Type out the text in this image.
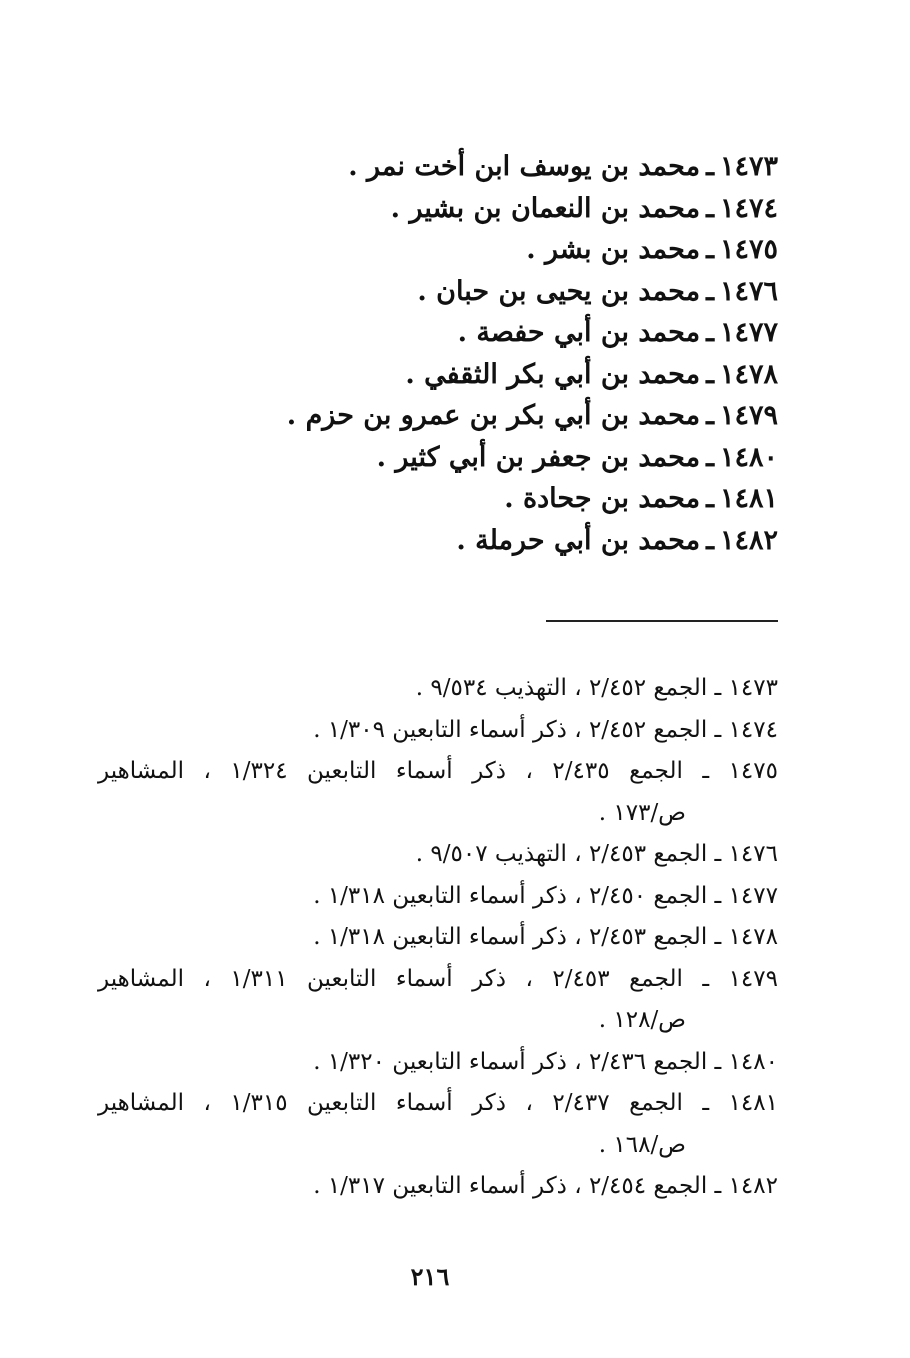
١٤٧٣ـمحمد بن يوسف ابن أخت نمر .
١٤٧٤ـمحمد بن النعمان بن بشير .
١٤٧٥ـمحمد بن بشر .
١٤٧٦ـمحمد بن يحيى بن حبان .
١٤٧٧ـمحمد بن أبي حفصة .
١٤٧٨ـمحمد بن أبي بكر الثقفي .
١٤٧٩ـمحمد بن أبي بكر بن عمرو بن حزم .
١٤٨٠ـمحمد بن جعفر بن أبي كثير .
١٤٨١ـمحمد بن جحادة .
١٤٨٢ـمحمد بن أبي حرملة .
١٤٧٣ ـ الجمع ٢/٤٥٢ ، التهذيب ٩/٥٣٤ .
١٤٧٤ ـ الجمع ٢/٤٥٢ ، ذكر أسماء التابعين ١/٣٠٩ .
١٤٧٥ ـ الجمع ٢/٤٣٥ ، ذكر أسماء التابعين ١/٣٢٤ ، المشاهير
ص/١٧٣ .
١٤٧٦ ـ الجمع ٢/٤٥٣ ، التهذيب ٩/٥٠٧ .
١٤٧٧ ـ الجمع ٢/٤٥٠ ، ذكر أسماء التابعين ١/٣١٨ .
١٤٧٨ ـ الجمع ٢/٤٥٣ ، ذكر أسماء التابعين ١/٣١٨ .
١٤٧٩ ـ الجمع ٢/٤٥٣ ، ذكر أسماء التابعين ١/٣١١ ، المشاهير
ص/١٢٨ .
١٤٨٠ ـ الجمع ٢/٤٣٦ ، ذكر أسماء التابعين ١/٣٢٠ .
١٤٨١ ـ الجمع ٢/٤٣٧ ، ذكر أسماء التابعين ١/٣١٥ ، المشاهير
ص/١٦٨ .
١٤٨٢ ـ الجمع ٢/٤٥٤ ، ذكر أسماء التابعين ١/٣١٧ .
٢١٦
